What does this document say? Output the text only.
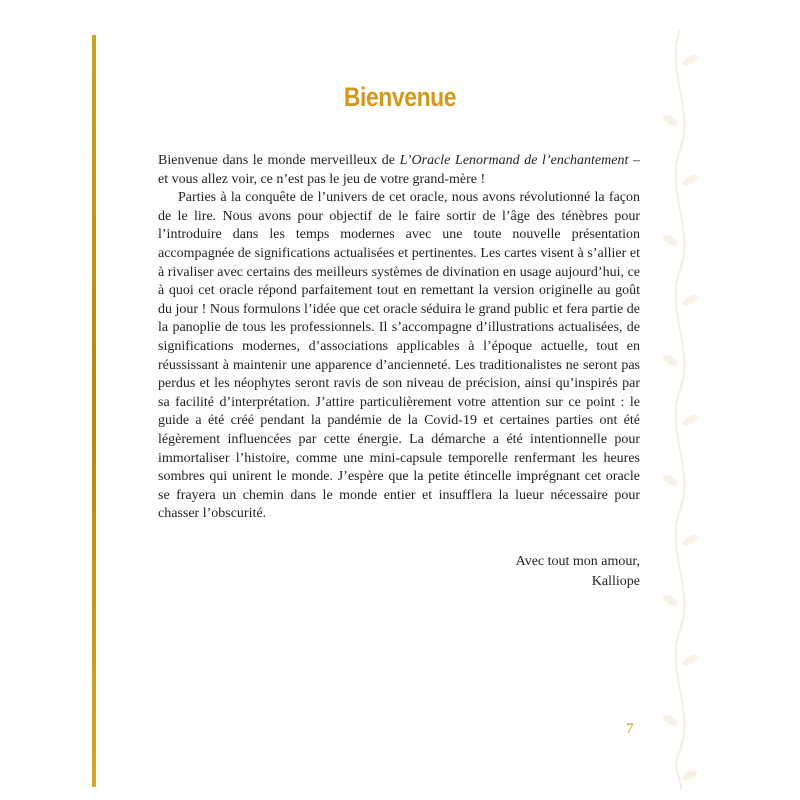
Bienvenue

Bienvenue dans le monde merveilleux de L’Oracle Lenormand de l’enchantement – et vous allez voir, ce n’est pas le jeu de votre grand-mère !

Parties à la conquête de l’univers de cet oracle, nous avons révolutionné la façon de le lire. Nous avons pour objectif de le faire sortir de l’âge des ténèbres pour l’introduire dans les temps modernes avec une toute nouvelle présentation accompagnée de significations actualisées et pertinentes. Les cartes visent à s’allier et à rivaliser avec certains des meilleurs systèmes de divination en usage aujourd’hui, ce à quoi cet oracle répond parfaitement tout en remettant la version originelle au goût du jour ! Nous formulons l’idée que cet oracle séduira le grand public et fera partie de la panoplie de tous les professionnels. Il s’accompagne d’illustrations actualisées, de significations modernes, d’associations applicables à l’époque actuelle, tout en réussissant à maintenir une apparence d’ancienneté. Les traditionalistes ne seront pas perdus et les néophytes seront ravis de son niveau de précision, ainsi qu’inspirés par sa facilité d’interprétation. J’attire particulièrement votre attention sur ce point : le guide a été créé pendant la pandémie de la Covid-19 et certaines parties ont été légèrement influencées par cette énergie. La démarche a été intentionnelle pour immortaliser l’histoire, comme une mini-capsule temporelle renfermant les heures sombres qui unirent le monde. J’espère que la petite étincelle imprégnant cet oracle se frayera un chemin dans le monde entier et insufflera la lueur nécessaire pour chasser l’obscurité.

Avec tout mon amour,
Kalliope
7
